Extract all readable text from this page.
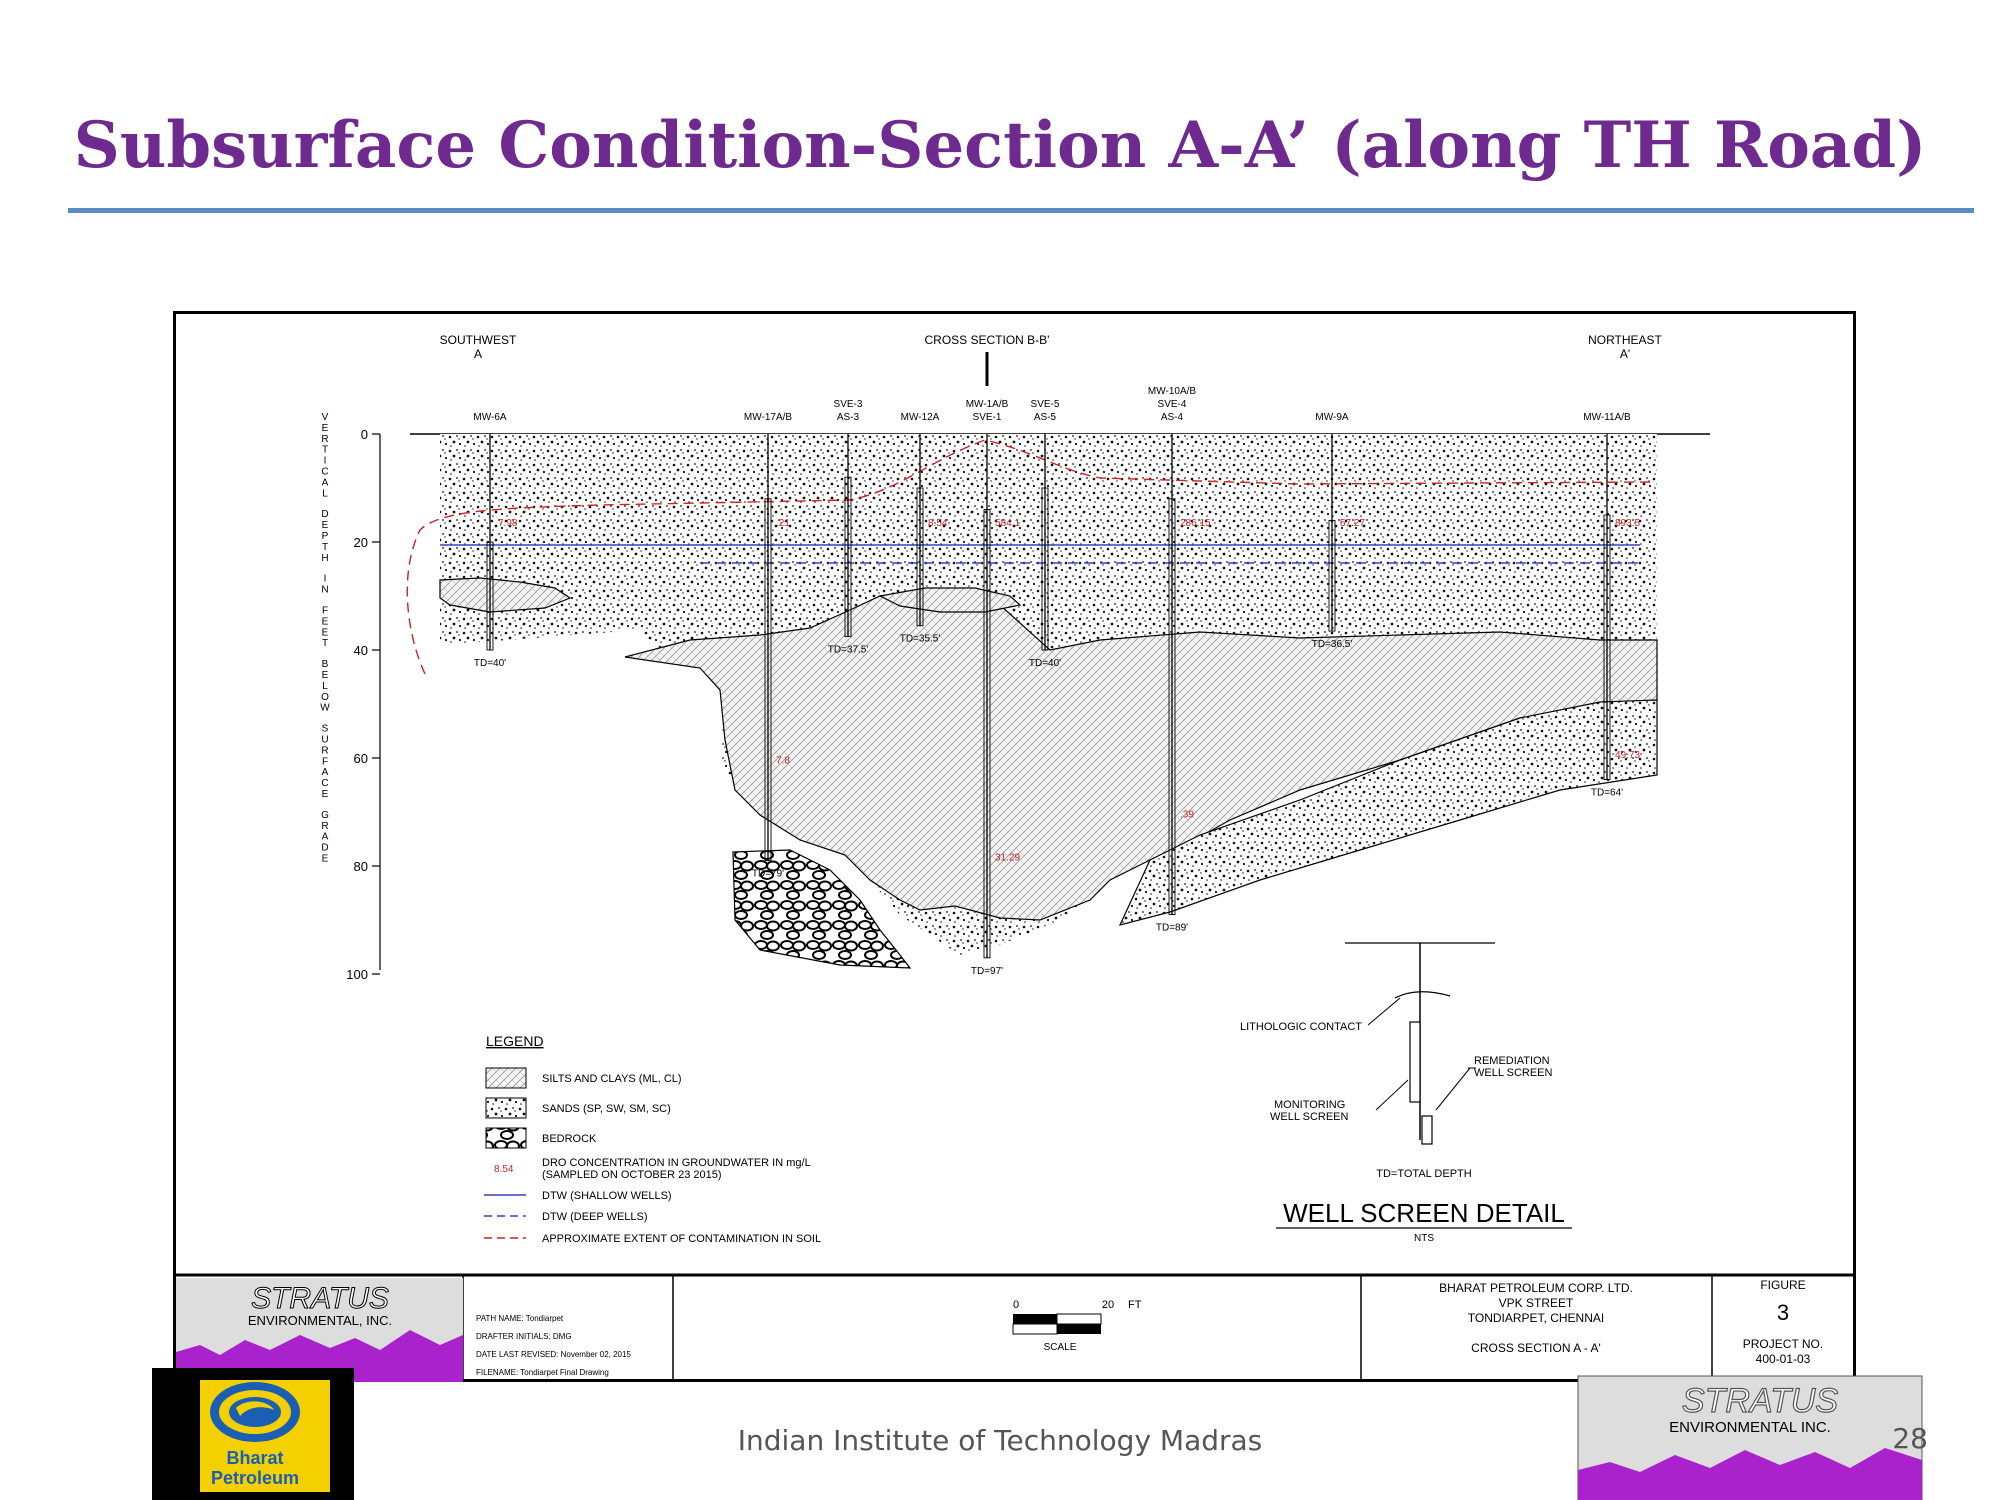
Subsurface Condition-Section A-A’ (along TH Road)
SOUTHWEST
A
CROSS SECTION B-B'	NORTHEAST
A'
0
20
40
60
80
100
V
E
R
T
I
C
A
L
D
E
P
T
H
I
N
F
E
E
T
B
E
L
O
W
S
U
R
F
A
C
E
G
R
A
D
E
MW-6A
TD=40'
7.98
MW-17A/B
TD=79'
.21
7.8
SVE-3
AS-3
TD=37.5'
MW-12A
TD=35.5'
8.54
MW-1A/B
SVE-1
TD=97'
584.1
31.29
SVE-5
AS-5
TD=40'
MW-10A/B
SVE-4
AS-4
TD=89'
286.15
.39
MW-9A
TD=36.5'
57.27
MW-11A/B
TD=64'
893.5
49.73
LEGEND
SILTS AND CLAYS (ML, CL)
SANDS (SP, SW, SM, SC)
BEDROCK
8.54
DRO CONCENTRATION IN GROUNDWATER IN mg/L
(SAMPLED ON OCTOBER 23 2015)
DTW (SHALLOW WELLS)
DTW (DEEP WELLS)
APPROXIMATE EXTENT OF CONTAMINATION IN SOIL
LITHOLOGIC CONTACT
REMEDIATION
WELL SCREEN
MONITORING
WELL SCREEN
TD=TOTAL DEPTH
WELL SCREEN DETAIL
NTS
STRATUS
ENVIRONMENTAL, INC.	PATH NAME: Tondiarpet
DRAFTER INITIALS: DMG
DATE LAST REVISED: November 02, 2015
FILENAME: Tondiarpet Final Drawing
0	20 FT
SCALE
BHARAT PETROLEUM CORP. LTD.
VPK STREET
TONDIARPET, CHENNAI
CROSS SECTION A - A'
FIGURE
3
PROJECT NO.
400-01-03
Bharat
Petroleum
STRATUS
ENVIRONMENTAL INC.
Indian Institute of Technology Madras	28
